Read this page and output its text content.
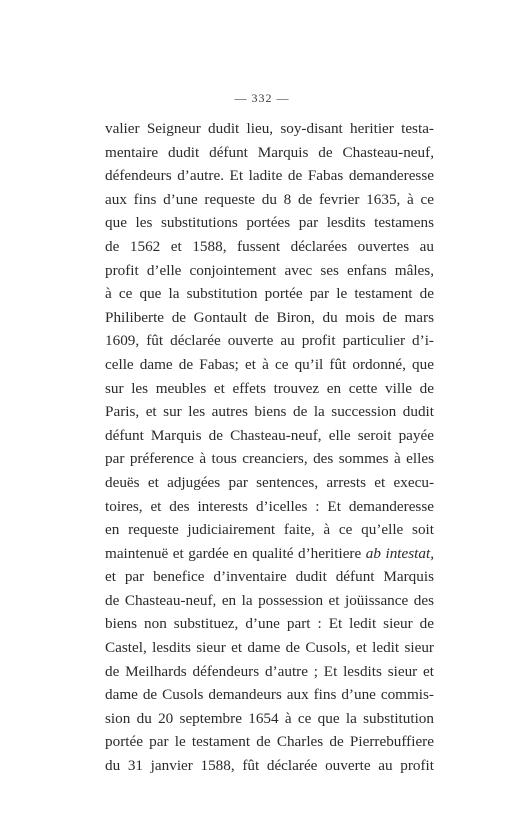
— 332 —
valier Seigneur dudit lieu, soy-disant heritier testa-
mentaire dudit défunt Marquis de Chasteau-neuf,
défendeurs d’autre. Et ladite de Fabas demanderesse
aux fins d’une requeste du 8 de fevrier 1635, à ce
que les substitutions portées par lesdits testamens
de 1562 et 1588, fussent déclarées ouvertes au
profit d’elle conjointement avec ses enfans mâles,
à ce que la substitution portée par le testament de
Philiberte de Gontault de Biron, du mois de mars
1609, fût déclarée ouverte au profit particulier d’i-
celle dame de Fabas; et à ce qu’il fût ordonné, que
sur les meubles et effets trouvez en cette ville de
Paris, et sur les autres biens de la succession dudit
défunt Marquis de Chasteau-neuf, elle seroit payée
par préference à tous creanciers, des sommes à elles
deuës et adjugées par sentences, arrests et execu-
toires, et des interests d’icelles : Et demanderesse
en requeste judiciairement faite, à ce qu’elle soit
maintenuë et gardée en qualité d’heritiere ab intestat,
et par benefice d’inventaire dudit défunt Marquis
de Chasteau-neuf, en la possession et joüissance des
biens non substituez, d’une part : Et ledit sieur de
Castel, lesdits sieur et dame de Cusols, et ledit sieur
de Meilhards défendeurs d’autre ; Et lesdits sieur et
dame de Cusols demandeurs aux fins d’une commis-
sion du 20 septembre 1654 à ce que la substitution
portée par le testament de Charles de Pierrebuffiere
du 31 janvier 1588, fût déclarée ouverte au profit
